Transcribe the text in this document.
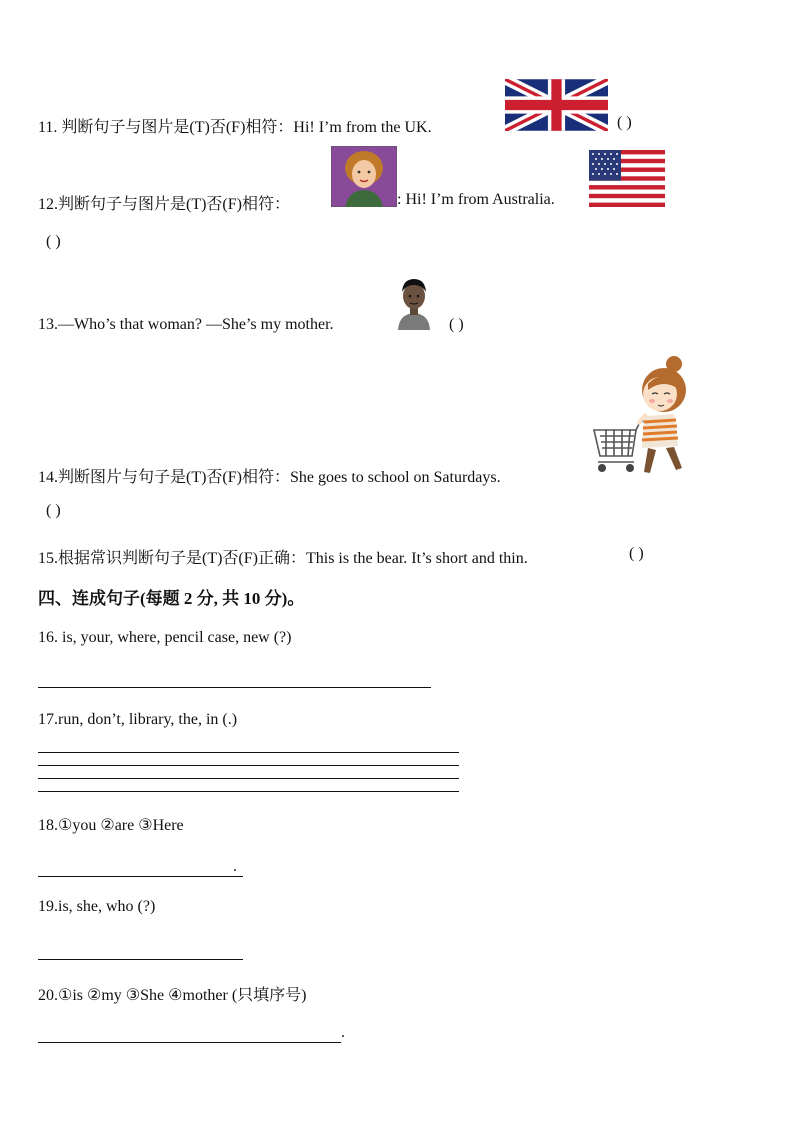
11. 判断句子与图片是(T)否(F)相符：Hi! I’m from the UK.	( )
12.判断句子与图片是(T)否(F)相符：	: Hi! I’m from Australia.
( )
13.—Who’s that woman? —She’s my mother.	( )
14.判断图片与句子是(T)否(F)相符：She goes to school on Saturdays.
( )
15.根据常识判断句子是(T)否(F)正确：This is the bear. It’s short and thin.	( )
四、连成句子(每题 2 分, 共 10 分)。
16. is, your, where, pencil case, new (?)
17.run, don’t, library, the, in (.)
18.①you ②are ③Here
.
19.is, she, who (?)
20.①is ②my ③She ④mother (只填序号)
.
